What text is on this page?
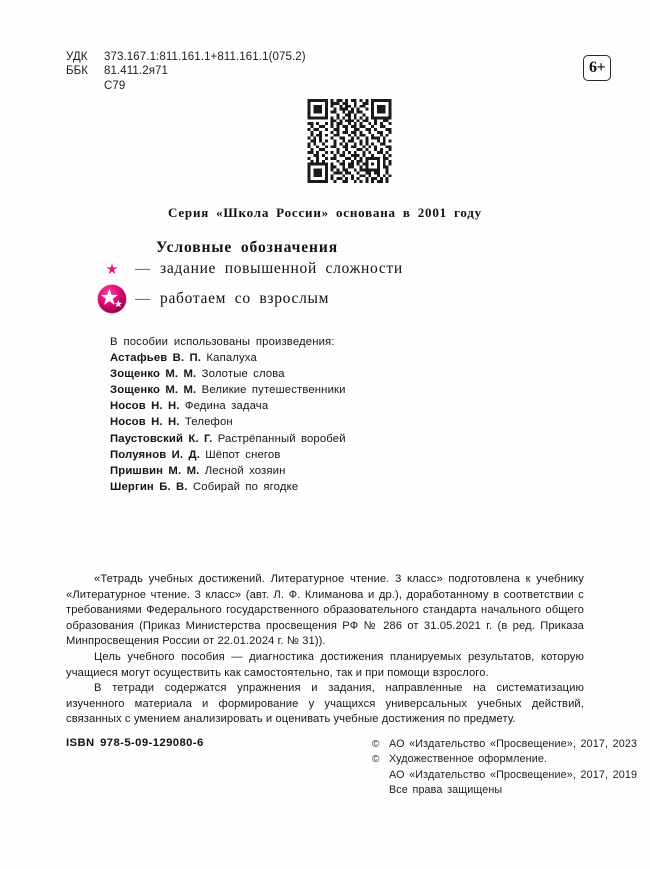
УДК	373.167.1:811.161.1+811.161.1(075.2)
ББК	81.411.2я71
С79
6+
Серия «Школа России» основана в 2001 году
Условные обозначения
— задание повышенной сложности
— работаем со взрослым
В пособии использованы произведения:
Астафьев В. П. Капалуха
Зощенко М. М. Золотые слова
Зощенко М. М. Великие путешественники
Носов Н. Н. Федина задача
Носов Н. Н. Телефон
Паустовский К. Г. Растрёпанный воробей
Полуянов И. Д. Шёпот снегов
Пришвин М. М. Лесной хозяин
Шергин Б. В. Собирай по ягодке

«Тетрадь учебных достижений. Литературное чтение. 3 класс» подготовлена к учебнику «Литературное чтение. 3 класс» (авт. Л. Ф. Климанова и др.), доработанному в соответствии с требованиями Федерального государственного образовательного стандарта начального общего образования (Приказ Министерства просвещения РФ № 286 от 31.05.2021 г. (в ред. Приказа Минпросвещения России от 22.01.2024 г. № 31)).

Цель учебного пособия — диагностика достижения планируемых результатов, которую учащиеся могут осуществить как самостоятельно, так и при помощи взрослого.

В тетради содержатся упражнения и задания, направленные на систематизацию изученного материала и формирование у учащихся универсальных учебных действий, связанных с умением анализировать и оценивать учебные достижения по предмету.

ISBN 978-5-09-129080-6	© АО «Издательство «Просвещение», 2017, 2023
© Художественное оформление.
АО «Издательство «Просвещение», 2017, 2019
Все права защищены
